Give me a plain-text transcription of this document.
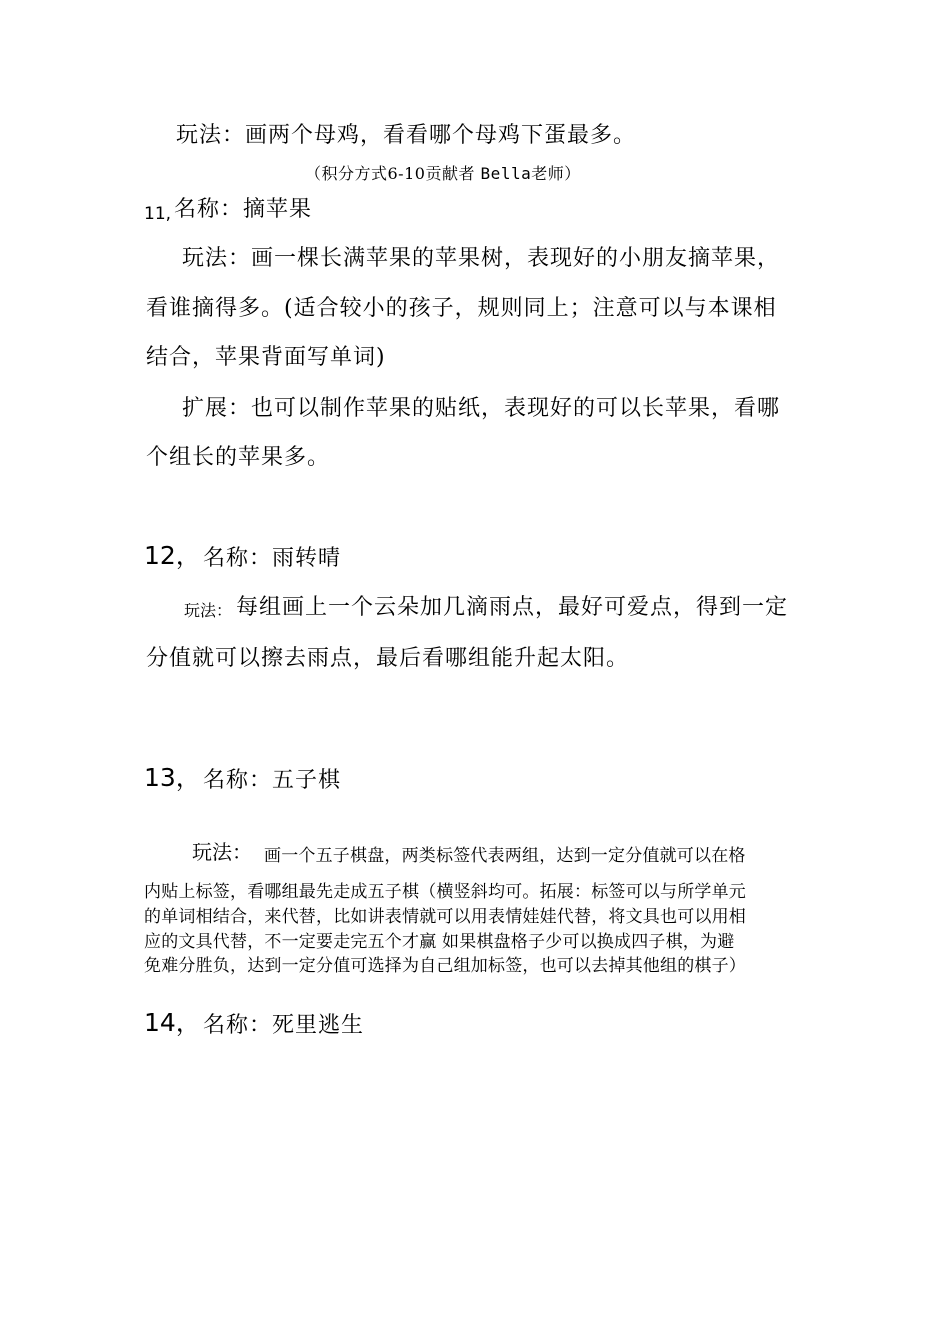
玩法：画两个母鸡，看看哪个母鸡下蛋最多。
（积分方式6-10贡献者 Bella老师）
11, 名称：摘苹果
玩法：画一棵长满苹果的苹果树，表现好的小朋友摘苹果，
看谁摘得多。(适合较小的孩子，规则同上；注意可以与本课相
结合，苹果背面写单词)
扩展：也可以制作苹果的贴纸，表现好的可以长苹果，看哪
个组长的苹果多。
12， 名称：雨转晴
玩法： 每组画上一个云朵加几滴雨点，最好可爱点，得到一定
分值就可以擦去雨点，最后看哪组能升起太阳。
13， 名称：五子棋
玩法： 画一个五子棋盘，两类标签代表两组，达到一定分值就可以在格
内贴上标签，看哪组最先走成五子棋（横竖斜均可。拓展：标签可以与所学单元
的单词相结合，来代替，比如讲表情就可以用表情娃娃代替，将文具也可以用相
应的文具代替，不一定要走完五个才赢 如果棋盘格子少可以换成四子棋，为避
免难分胜负，达到一定分值可选择为自己组加标签，也可以去掉其他组的棋子）
14， 名称：死里逃生
